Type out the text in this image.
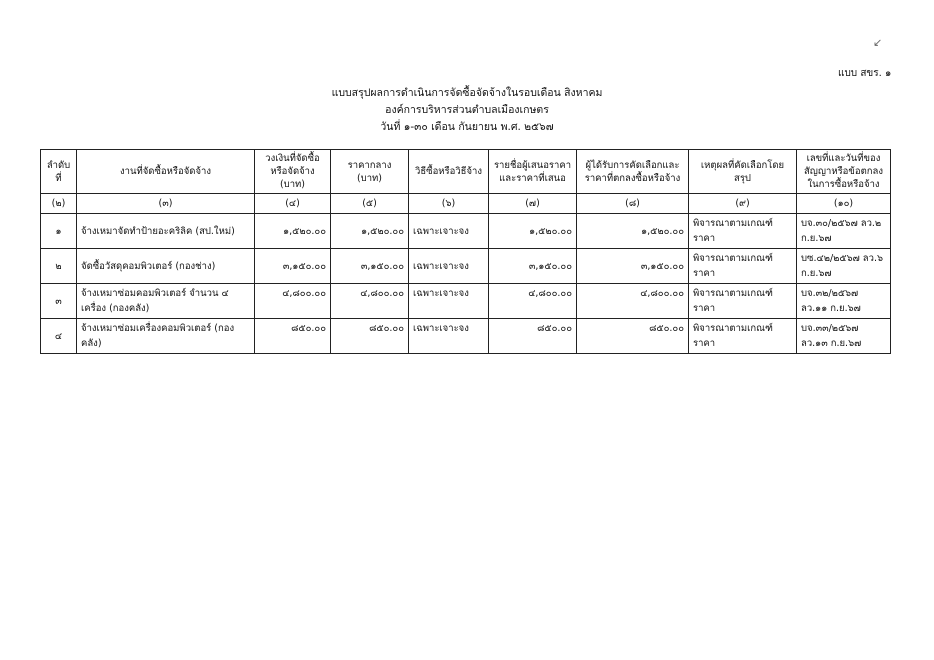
↙
แบบ สขร. ๑
แบบสรุปผลการดำเนินการจัดซื้อจัดจ้างในรอบเดือน สิงหาคม
องค์การบริหารส่วนตำบลเมืองเกษตร
วันที่ ๑-๓๐ เดือน กันยายน พ.ศ. ๒๕๖๗
ลำดับที่	งานที่จัดซื้อหรือจัดจ้าง	วงเงินที่จัดซื้อหรือจัดจ้าง (บาท)	ราคากลาง (บาท)	วิธีซื้อหรือวิธีจ้าง	รายชื่อผู้เสนอราคาและราคาที่เสนอ	ผู้ได้รับการคัดเลือกและราคาที่ตกลงซื้อหรือจ้าง	เหตุผลที่คัดเลือกโดยสรุป	เลขที่และวันที่ของสัญญาหรือข้อตกลงในการซื้อหรือจ้าง
(๒)	(๓)	(๔)	(๕)	(๖)	(๗)	(๘)	(๙)	(๑๐)
๑	จ้างเหมาจัดทำป้ายอะคริลิค (สป.ใหม่)	๑,๕๒๐.๐๐	๑,๕๒๐.๐๐	เฉพาะเจาะจง	๑,๕๒๐.๐๐	๑,๕๒๐.๐๐	พิจารณาตามเกณฑ์ราคา	บจ.๓๐/๒๕๖๗ ลว.๒ ก.ย.๖๗
๒	จัดซื้อวัสดุคอมพิวเตอร์ (กองช่าง)	๓,๑๕๐.๐๐	๓,๑๕๐.๐๐	เฉพาะเจาะจง	๓,๑๕๐.๐๐	๓,๑๕๐.๐๐	พิจารณาตามเกณฑ์ราคา	บซ.๔๒/๒๕๖๗ ลว.๖ ก.ย.๖๗
๓	จ้างเหมาซ่อมคอมพิวเตอร์ จำนวน ๔ เครื่อง (กองคลัง)	๔,๘๐๐.๐๐	๔,๘๐๐.๐๐	เฉพาะเจาะจง	๔,๘๐๐.๐๐	๔,๘๐๐.๐๐	พิจารณาตามเกณฑ์ราคา	บจ.๓๒/๒๕๖๗ ลว.๑๑ ก.ย.๖๗
๔	จ้างเหมาซ่อมเครื่องคอมพิวเตอร์ (กองคลัง)	๘๕๐.๐๐	๘๕๐.๐๐	เฉพาะเจาะจง	๘๕๐.๐๐	๘๕๐.๐๐	พิจารณาตามเกณฑ์ราคา	บจ.๓๓/๒๕๖๗ ลว.๑๓ ก.ย.๖๗
